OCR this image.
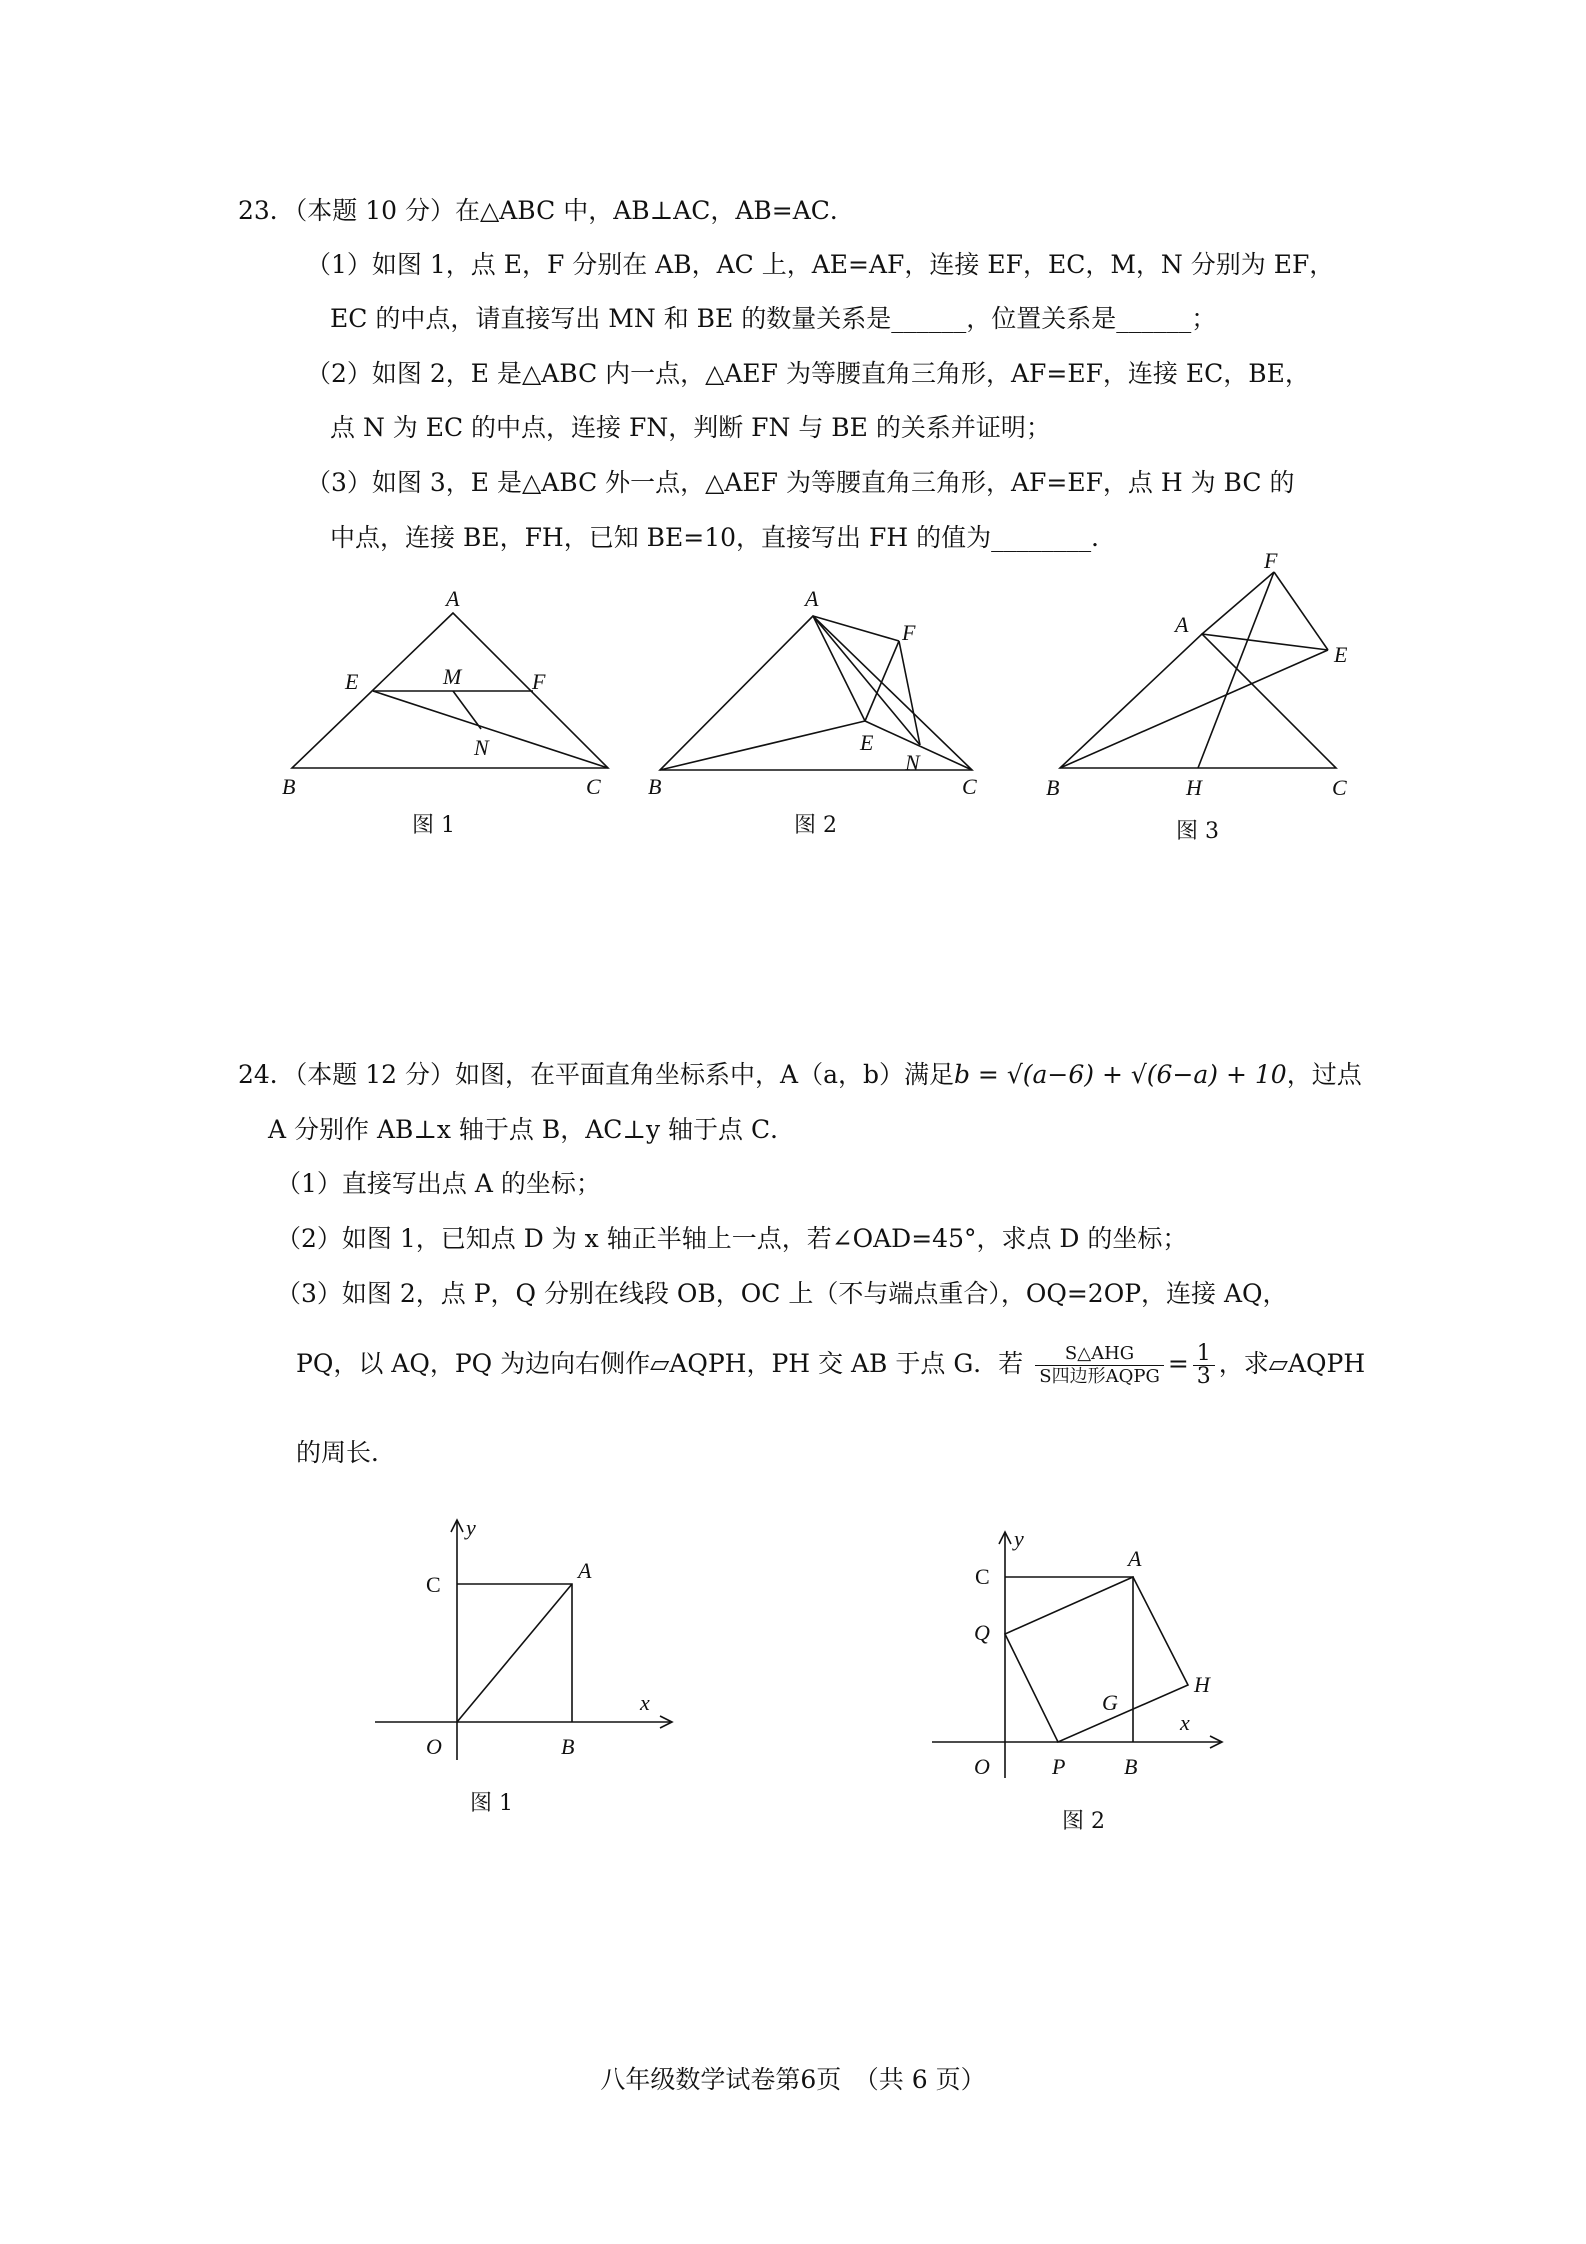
23．（本题 10 分）在△ABC 中，AB⊥AC，AB=AC．
（1）如图 1，点 E，F 分别在 AB，AC 上，AE=AF，连接 EF，EC，M，N 分别为 EF，
EC 的中点，请直接写出 MN 和 BE 的数量关系是______，位置关系是______；
（2）如图 2，E 是△ABC 内一点，△AEF 为等腰直角三角形，AF=EF，连接 EC，BE，
点 N 为 EC 的中点，连接 FN，判断 FN 与 BE 的关系并证明；
（3）如图 3，E 是△ABC 外一点，△AEF 为等腰直角三角形，AF=EF，点 H 为 BC 的
中点，连接 BE，FH，已知 BE=10，直接写出 FH 的值为________．
A
E	M	F
N
B	C
图 1
A
F
E
N
B	C
图 2
F
A
E
B	H	C
图 3
24．（本题 12 分）如图，在平面直角坐标系中，A（a，b）满足b = √(a−6) + √(6−a) + 10，过点
A 分别作 AB⊥x 轴于点 B，AC⊥y 轴于点 C．
（1）直接写出点 A 的坐标；
（2）如图 1，已知点 D 为 x 轴正半轴上一点，若∠OAD=45°，求点 D 的坐标；
（3）如图 2，点 P，Q 分别在线段 OB，OC 上（不与端点重合），OQ=2OP，连接 AQ，
PQ，以 AQ，PQ 为边向右侧作▱AQPH，PH 交 AB 于点 G．若 $\frac{\text{S△AHG}}{\text{S四边形AQPG}} = \frac{1}{3}$ ，求▱AQPH
的周长．
y
x
C
A
O	B
图 1
y
x
C
A
Q
G
H
O	P	B
图 2
八年级数学试卷第6页　（共 6 页）
